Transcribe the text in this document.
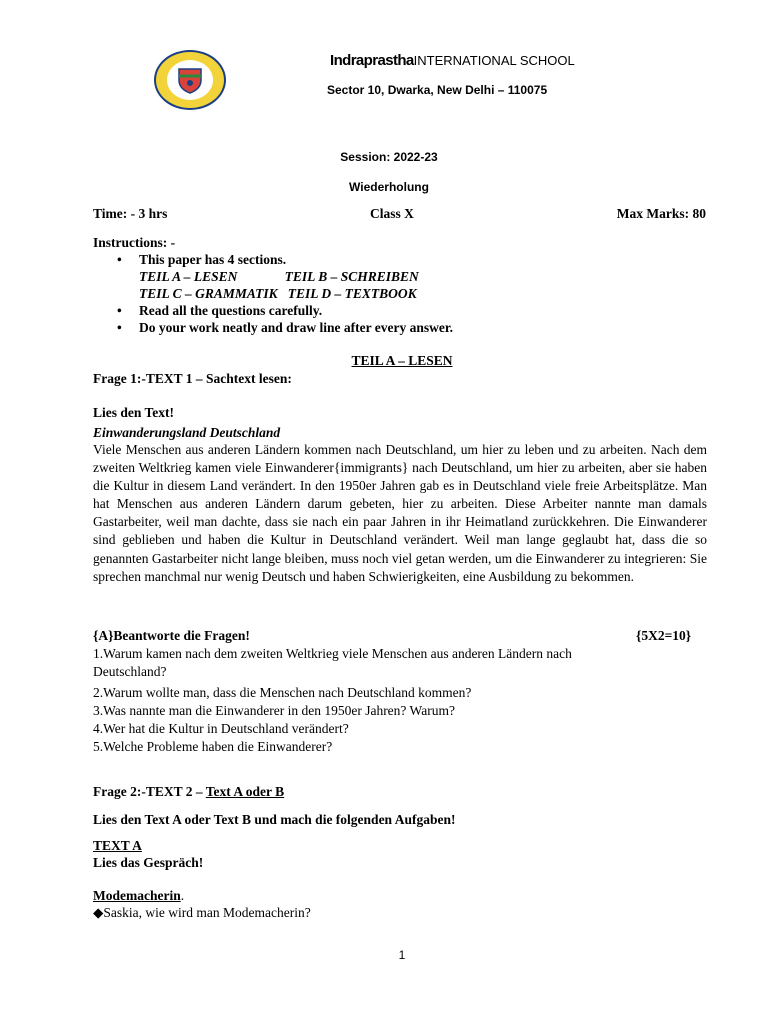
IndraprasthaINTERNATIONAL SCHOOL
Sector 10, Dwarka, New Delhi – 110075
Session: 2022-23
Wiederholung
Time: - 3 hrs	Class X	Max Marks: 80
Instructions: -
• This paper has 4 sections.
TEIL A – LESEN              TEIL B – SCHREIBEN
TEIL C – GRAMMATIK   TEIL D – TEXTBOOK
• Read all the questions carefully.
• Do your work neatly and draw line after every answer.
TEIL A – LESEN
Frage 1:-TEXT 1 – Sachtext lesen:
Lies den Text!
Einwanderungsland Deutschland
Viele Menschen aus anderen Ländern kommen nach Deutschland, um hier zu leben und zu arbeiten. Nach dem zweiten Weltkrieg kamen viele Einwanderer{immigrants} nach Deutschland, um hier zu arbeiten, aber sie haben die Kultur in diesem Land verändert. In den 1950er Jahren gab es in Deutschland viele freie Arbeitsplätze. Man hat Menschen aus anderen Ländern darum gebeten, hier zu arbeiten. Diese Arbeiter nannte man damals Gastarbeiter, weil man dachte, dass sie nach ein paar Jahren in ihr Heimatland zurückkehren. Die Einwanderer sind geblieben und haben die Kultur in Deutschland verändert. Weil man lange geglaubt hat, dass die so genannten Gastarbeiter nicht lange bleiben, muss noch viel getan werden, um die Einwanderer zu integrieren: Sie sprechen manchmal nur wenig Deutsch und haben Schwierigkeiten, eine Ausbildung zu bekommen.
{A}Beantworte die Fragen!	{5X2=10}
1.Warum kamen nach dem zweiten Weltkrieg viele Menschen aus anderen Ländern nach
Deutschland?
2.Warum wollte man, dass die Menschen nach Deutschland kommen?
3.Was nannte man die Einwanderer in den 1950er Jahren? Warum?
4.Wer hat die Kultur in Deutschland verändert?
5.Welche Probleme haben die Einwanderer?
Frage 2:-TEXT 2 – Text A oder B
Lies den Text A oder Text B und mach die folgenden Aufgaben!
TEXT A
Lies das Gespräch!
Modemacherin.
◆Saskia, wie wird man Modemacherin?
1
